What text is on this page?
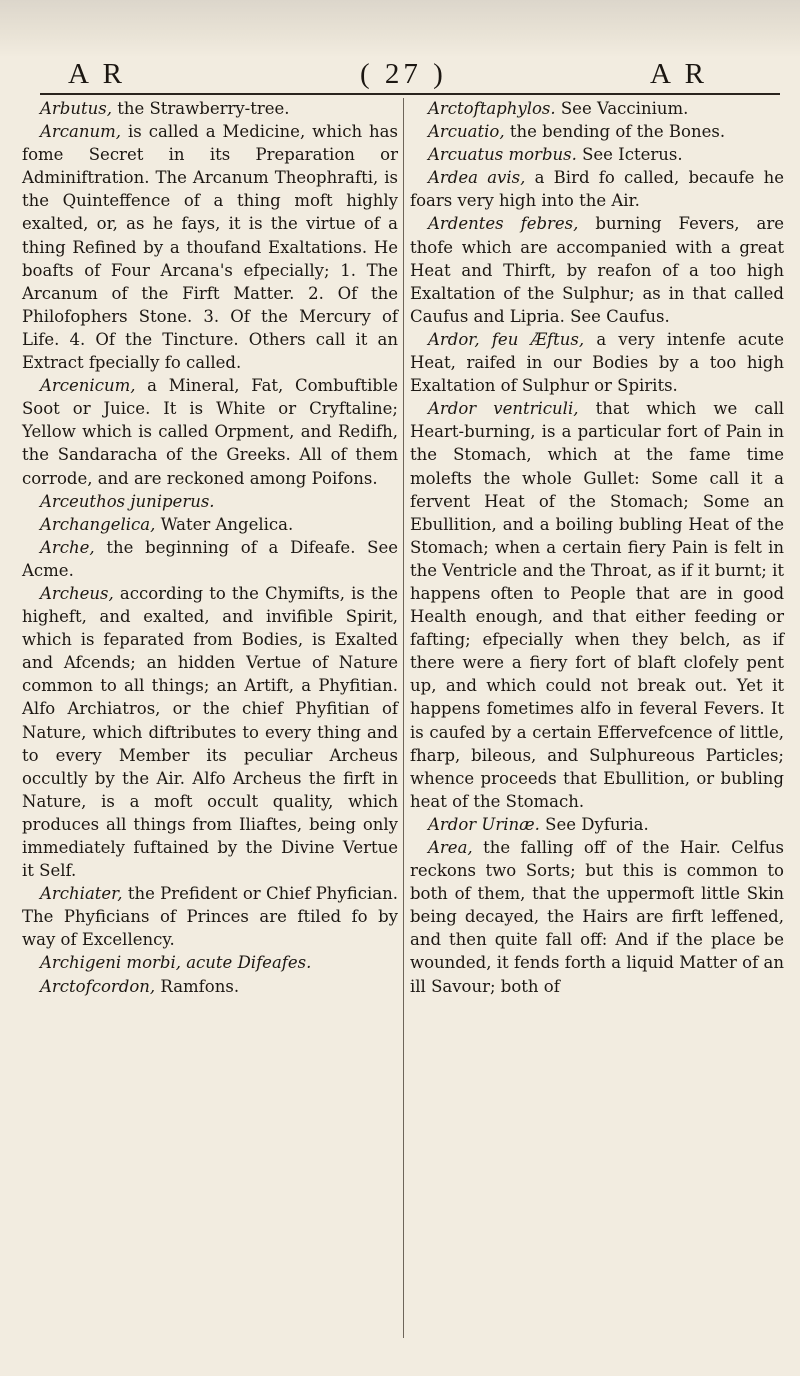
A R	( 27 )	A R

Arbutus, the Strawberry-tree.

Arcanum, is called a Medicine, which has fome Secret in its Preparation or Adminiftration. The Arcanum Theophrafti, is the Quinteffence of a thing moft highly exalted, or, as he fays, it is the virtue of a thing Refined by a thoufand Exaltations. He boafts of Four Arcana's efpecially; 1. The Arcanum of the Firft Matter. 2. Of the Philofophers Stone. 3. Of the Mercury of Life. 4. Of the Tincture. Others call it an Extract fpecially fo called.

Arcenicum, a Mineral, Fat, Combuftible Soot or Juice. It is White or Cryftaline; Yellow which is called Orpment, and Redifh, the Sandaracha of the Greeks. All of them corrode, and are reckoned among Poifons.

Arceuthos juniperus.

Archangelica, Water Angelica.

Arche, the beginning of a Difeafe. See Acme.

Archeus, according to the Chymifts, is the higheft, and exalted, and invifible Spirit, which is feparated from Bodies, is Exalted and Afcends; an hidden Vertue of Nature common to all things; an Artift, a Phyfitian. Alfo Archiatros, or the chief Phyfitian of Nature, which diftributes to every thing and to every Member its peculiar Archeus occultly by the Air. Alfo Archeus the firft in Nature, is a moft occult quality, which produces all things from Iliaftes, being only immediately fuftained by the Divine Vertue it Self.

Archiater, the Prefident or Chief Phyfician. The Phyficians of Princes are ftiled fo by way of Excellency.

Archigeni morbi, acute Difeafes.

Arctofcordon, Ramfons.

Arctoftaphylos. See Vaccinium.

Arcuatio, the bending of the Bones.

Arcuatus morbus. See Icterus.

Ardea avis, a Bird fo called, becaufe he foars very high into the Air.

Ardentes febres, burning Fevers, are thofe which are accompanied with a great Heat and Thirft, by reafon of a too high Exaltation of the Sulphur; as in that called Caufus and Lipria. See Caufus.

Ardor, feu Æftus, a very intenfe acute Heat, raifed in our Bodies by a too high Exaltation of Sulphur or Spirits.

Ardor ventriculi, that which we call Heart-burning, is a particular fort of Pain in the Stomach, which at the fame time molefts the whole Gullet: Some call it a fervent Heat of the Stomach; Some an Ebullition, and a boiling bubling Heat of the Stomach; when a certain fiery Pain is felt in the Ventricle and the Throat, as if it burnt; it happens often to People that are in good Health enough, and that either feeding or fafting; efpecially when they belch, as if there were a fiery fort of blaft clofely pent up, and which could not break out. Yet it happens fometimes alfo in feveral Fevers. It is caufed by a certain Effervefcence of little, fharp, bileous, and Sulphureous Particles; whence proceeds that Ebullition, or bubling heat of the Stomach.

Ardor Urinæ. See Dyfuria.

Area, the falling off of the Hair. Celfus reckons two Sorts; but this is common to both of them, that the uppermoft little Skin being decayed, the Hairs are firft leffened, and then quite fall off: And if the place be wounded, it fends forth a liquid Matter of an ill Savour; both of
